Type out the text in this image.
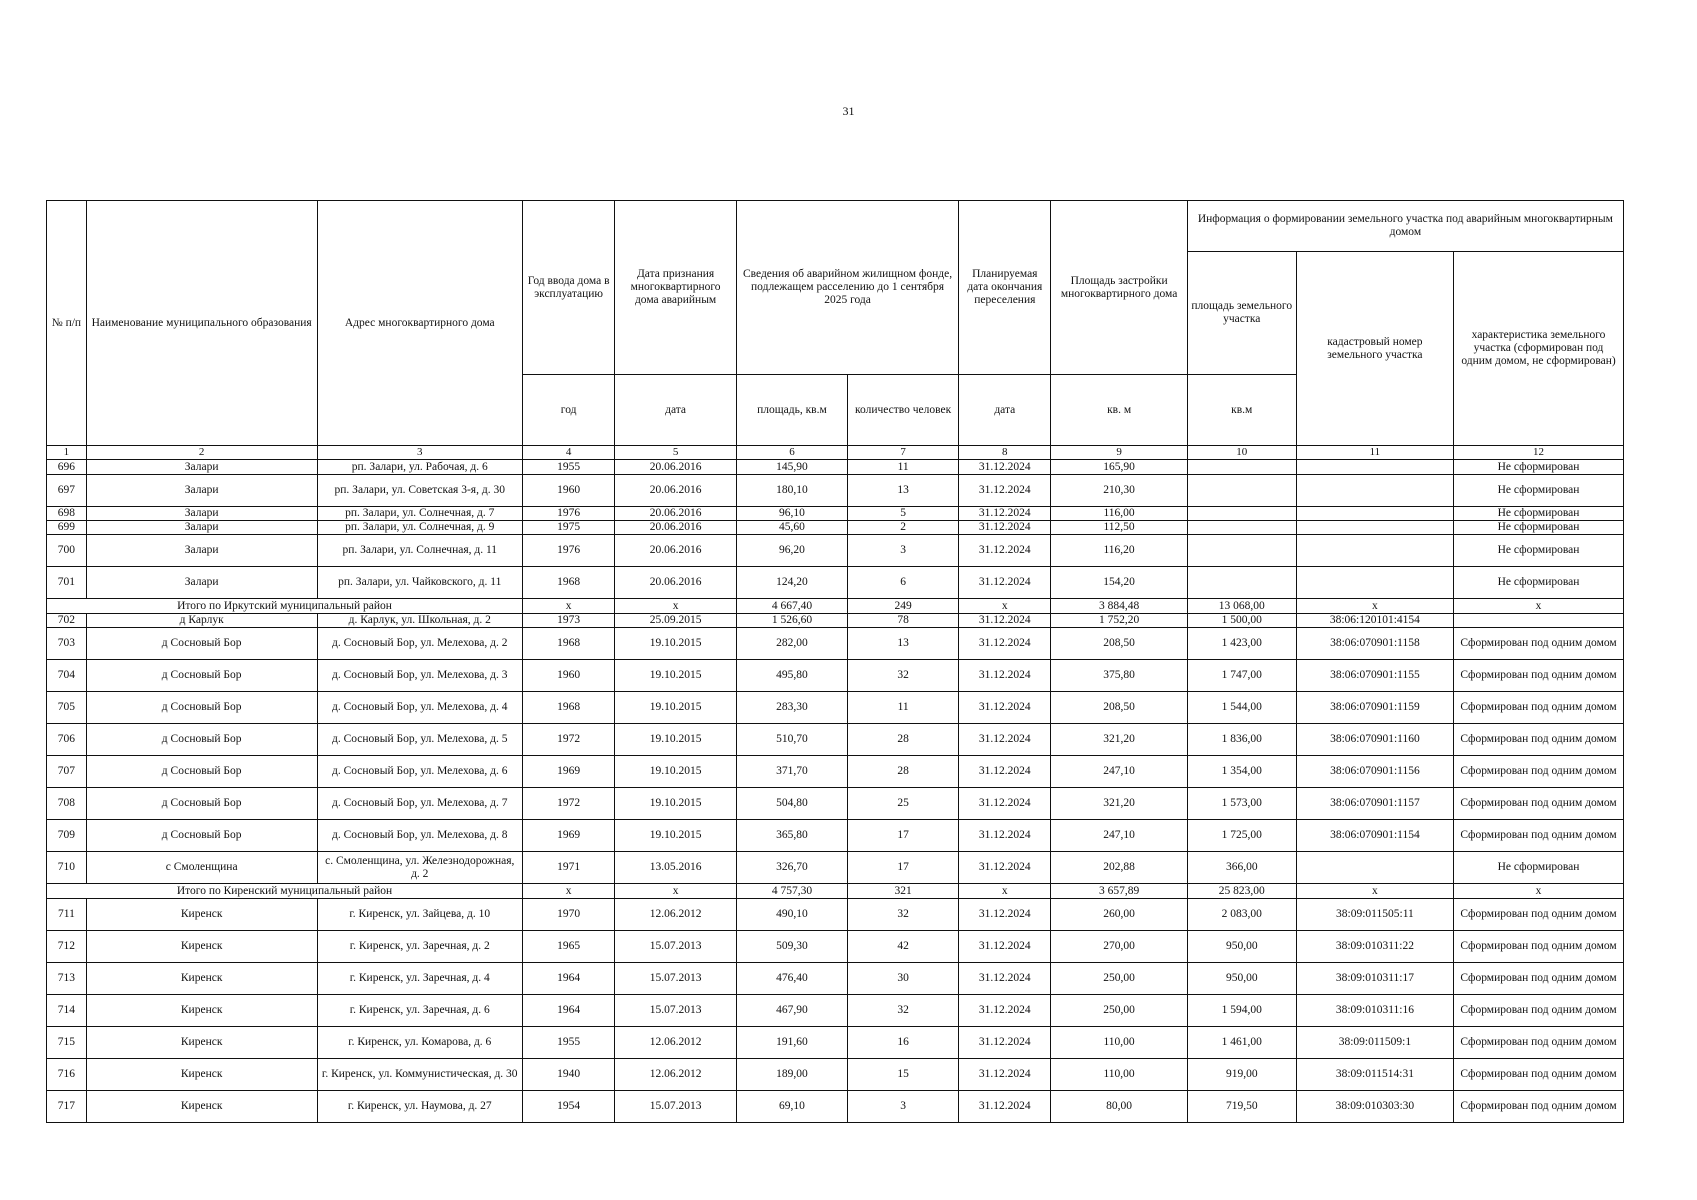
31
№ п/п	Наименование муниципального образования	Адрес многоквартирного дома	Год ввода дома в эксплуатацию	Дата признания многоквартирного дома аварийным	Сведения об аварийном жилищном фонде, подлежащем расселению до 1 сентября 2025 года		Планируемая дата окончания переселения	Площадь застройки многоквартирного дома	Информация о формировании земельного участка под аварийным многоквартирным домом		
									площадь земельного участка	кадастровый номер земельного участка	характеристика земельного участка (сформирован под одним домом, не сформирован)
			год	дата	площадь, кв.м	количество человек	дата	кв. м	кв.м		
1	2	3	4	5	6	7	8	9	10	11	12
696	Залари	рп. Залари, ул. Рабочая, д. 6	1955	20.06.2016	145,90	11	31.12.2024	165,90			Не сформирован
697	Залари	рп. Залари, ул. Советская 3-я, д. 30	1960	20.06.2016	180,10	13	31.12.2024	210,30			Не сформирован
698	Залари	рп. Залари, ул. Солнечная, д. 7	1976	20.06.2016	96,10	5	31.12.2024	116,00			Не сформирован
699	Залари	рп. Залари, ул. Солнечная, д. 9	1975	20.06.2016	45,60	2	31.12.2024	112,50			Не сформирован
700	Залари	рп. Залари, ул. Солнечная, д. 11	1976	20.06.2016	96,20	3	31.12.2024	116,20			Не сформирован
701	Залари	рп. Залари, ул. Чайковского, д. 11	1968	20.06.2016	124,20	6	31.12.2024	154,20			Не сформирован
Итого по Иркутский муниципальный район			х	х	4 667,40	249	х	3 884,48	13 068,00	х	х
702	д Карлук	д. Карлук, ул. Школьная, д. 2	1973	25.09.2015	1 526,60	78	31.12.2024	1 752,20	1 500,00	38:06:120101:4154	
703	д Сосновый Бор	д. Сосновый Бор, ул. Мелехова, д. 2	1968	19.10.2015	282,00	13	31.12.2024	208,50	1 423,00	38:06:070901:1158	Сформирован под одним домом
704	д Сосновый Бор	д. Сосновый Бор, ул. Мелехова, д. 3	1960	19.10.2015	495,80	32	31.12.2024	375,80	1 747,00	38:06:070901:1155	Сформирован под одним домом
705	д Сосновый Бор	д. Сосновый Бор, ул. Мелехова, д. 4	1968	19.10.2015	283,30	11	31.12.2024	208,50	1 544,00	38:06:070901:1159	Сформирован под одним домом
706	д Сосновый Бор	д. Сосновый Бор, ул. Мелехова, д. 5	1972	19.10.2015	510,70	28	31.12.2024	321,20	1 836,00	38:06:070901:1160	Сформирован под одним домом
707	д Сосновый Бор	д. Сосновый Бор, ул. Мелехова, д. 6	1969	19.10.2015	371,70	28	31.12.2024	247,10	1 354,00	38:06:070901:1156	Сформирован под одним домом
708	д Сосновый Бор	д. Сосновый Бор, ул. Мелехова, д. 7	1972	19.10.2015	504,80	25	31.12.2024	321,20	1 573,00	38:06:070901:1157	Сформирован под одним домом
709	д Сосновый Бор	д. Сосновый Бор, ул. Мелехова, д. 8	1969	19.10.2015	365,80	17	31.12.2024	247,10	1 725,00	38:06:070901:1154	Сформирован под одним домом
710	с Смоленщина	с. Смоленщина, ул. Железнодорожная, д. 2	1971	13.05.2016	326,70	17	31.12.2024	202,88	366,00		Не сформирован
Итого по Киренский муниципальный район			х	х	4 757,30	321	х	3 657,89	25 823,00	х	х
711	Киренск	г. Киренск, ул. Зайцева, д. 10	1970	12.06.2012	490,10	32	31.12.2024	260,00	2 083,00	38:09:011505:11	Сформирован под одним домом
712	Киренск	г. Киренск, ул. Заречная, д. 2	1965	15.07.2013	509,30	42	31.12.2024	270,00	950,00	38:09:010311:22	Сформирован под одним домом
713	Киренск	г. Киренск, ул. Заречная, д. 4	1964	15.07.2013	476,40	30	31.12.2024	250,00	950,00	38:09:010311:17	Сформирован под одним домом
714	Киренск	г. Киренск, ул. Заречная, д. 6	1964	15.07.2013	467,90	32	31.12.2024	250,00	1 594,00	38:09:010311:16	Сформирован под одним домом
715	Киренск	г. Киренск, ул. Комарова, д. 6	1955	12.06.2012	191,60	16	31.12.2024	110,00	1 461,00	38:09:011509:1	Сформирован под одним домом
716	Киренск	г. Киренск, ул. Коммунистическая, д. 30	1940	12.06.2012	189,00	15	31.12.2024	110,00	919,00	38:09:011514:31	Сформирован под одним домом
717	Киренск	г. Киренск, ул. Наумова, д. 27	1954	15.07.2013	69,10	3	31.12.2024	80,00	719,50	38:09:010303:30	Сформирован под одним домом
